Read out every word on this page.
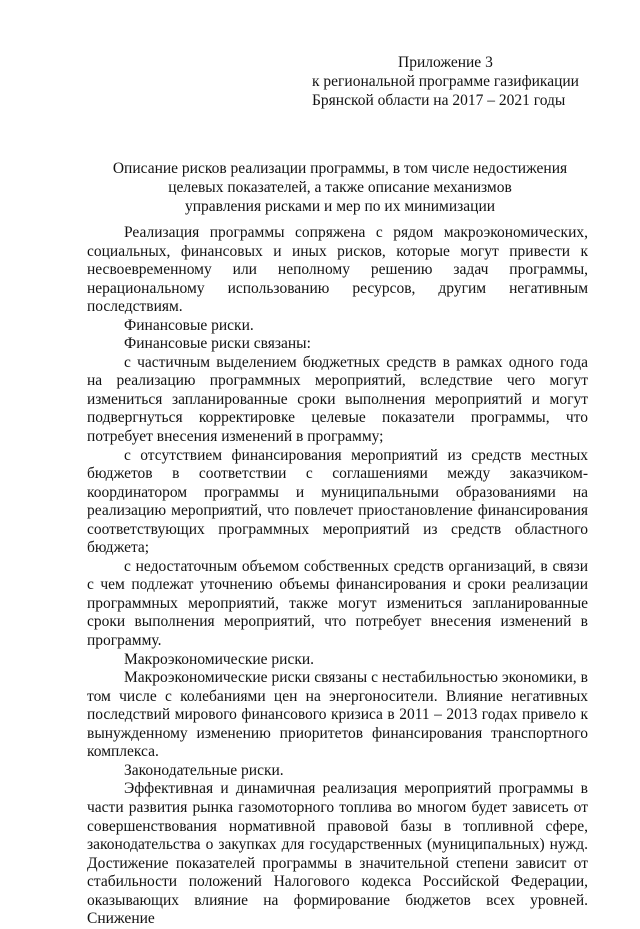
Приложение 3
к региональной программе газификации
Брянской области на 2017 – 2021 годы
Описание рисков реализации программы, в том числе недостижения
целевых показателей, а также описание механизмов
управления рисками и мер по их минимизации

Реализация программы сопряжена с рядом макроэкономических, социальных, финансовых и иных рисков, которые могут привести к несвоевременному или неполному решению задач программы, нерациональному использованию ресурсов, другим негативным последствиям.

Финансовые риски.

Финансовые риски связаны:

с частичным выделением бюджетных средств в рамках одного года на реализацию программных мероприятий, вследствие чего могут измениться запланированные сроки выполнения мероприятий и могут подвергнуться корректировке целевые показатели программы, что потребует внесения изменений в программу;

с отсутствием финансирования мероприятий из средств местных бюджетов в соответствии с соглашениями между заказчиком-координатором программы и муниципальными образованиями на реализацию мероприятий, что повлечет приостановление финансирования соответствующих программных мероприятий из средств областного бюджета;

с недостаточным объемом собственных средств организаций, в связи с чем подлежат уточнению объемы финансирования и сроки реализации программных мероприятий, также могут измениться запланированные сроки выполнения мероприятий, что потребует внесения изменений в программу.

Макроэкономические риски.

Макроэкономические риски связаны с нестабильностью экономики, в том числе с колебаниями цен на энергоносители. Влияние негативных последствий мирового финансового кризиса в 2011 – 2013 годах привело к вынужденному изменению приоритетов финансирования транспортного комплекса.

Законодательные риски.

Эффективная и динамичная реализация мероприятий программы в части развития рынка газомоторного топлива во многом будет зависеть от совершенствования нормативной правовой базы в топливной сфере, законодательства о закупках для государственных (муниципальных) нужд. Достижение показателей программы в значительной степени зависит от стабильности положений Налогового кодекса Российской Федерации, оказывающих влияние на формирование бюджетов всех уровней. Снижение
